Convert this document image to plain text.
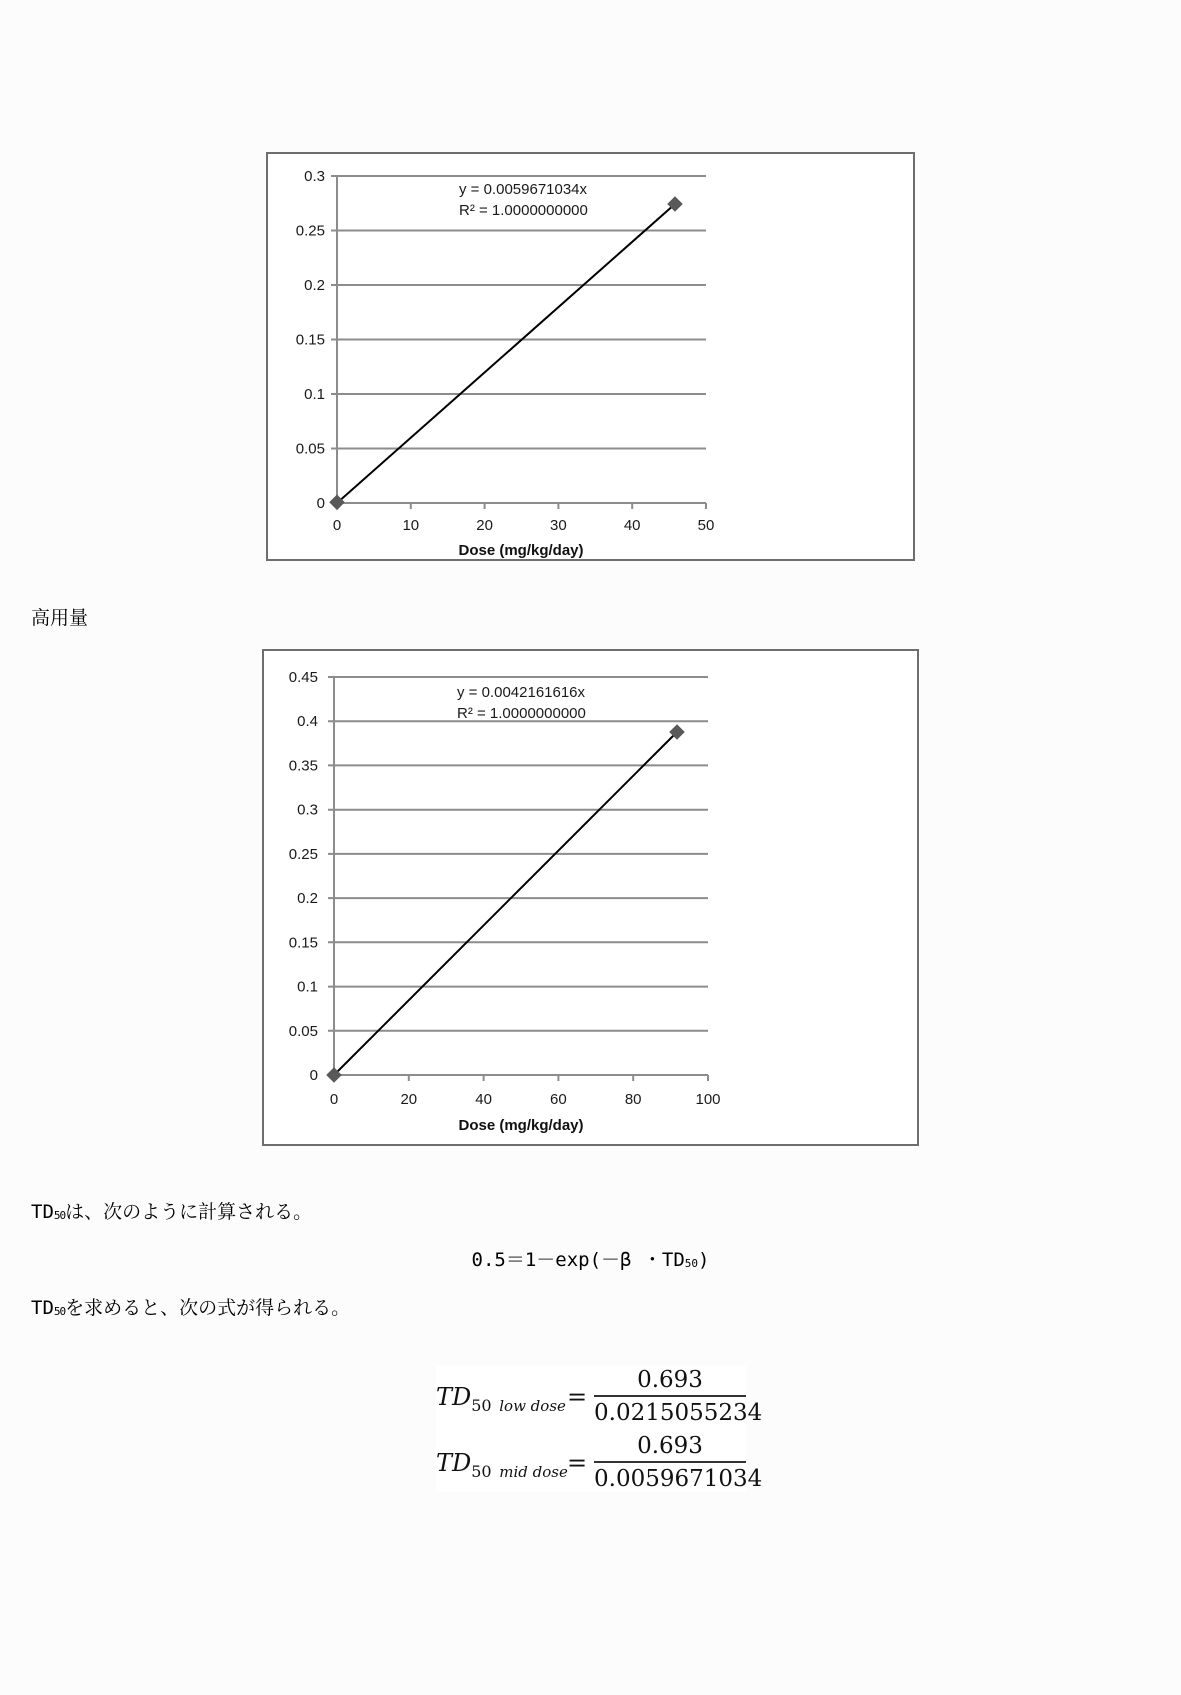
0.3
0.25
0.2
0.15
0.1
0.05
0
0	10	20	30	40	50
Dose (mg/kg/day)
y = 0.0059671034x
R² = 1.0000000000
高用量
0.45
0.4
0.35
0.3
0.25
0.2
0.15
0.1
0.05
0
0	20	40	60	80	100
Dose (mg/kg/day)
y = 0.0042161616x
R² = 1.0000000000
$TD_{50}$は、次のように計算される。
0.5＝1－exp(－β ・$TD_{50}$)
$TD_{50}$を求めると、次の式が得られる。
$TD_{50}$ $_{low dose}$ =
0.693
0.0215055234
$TD_{50}$ $_{mid dose}$ =
0.693
0.0059671034
